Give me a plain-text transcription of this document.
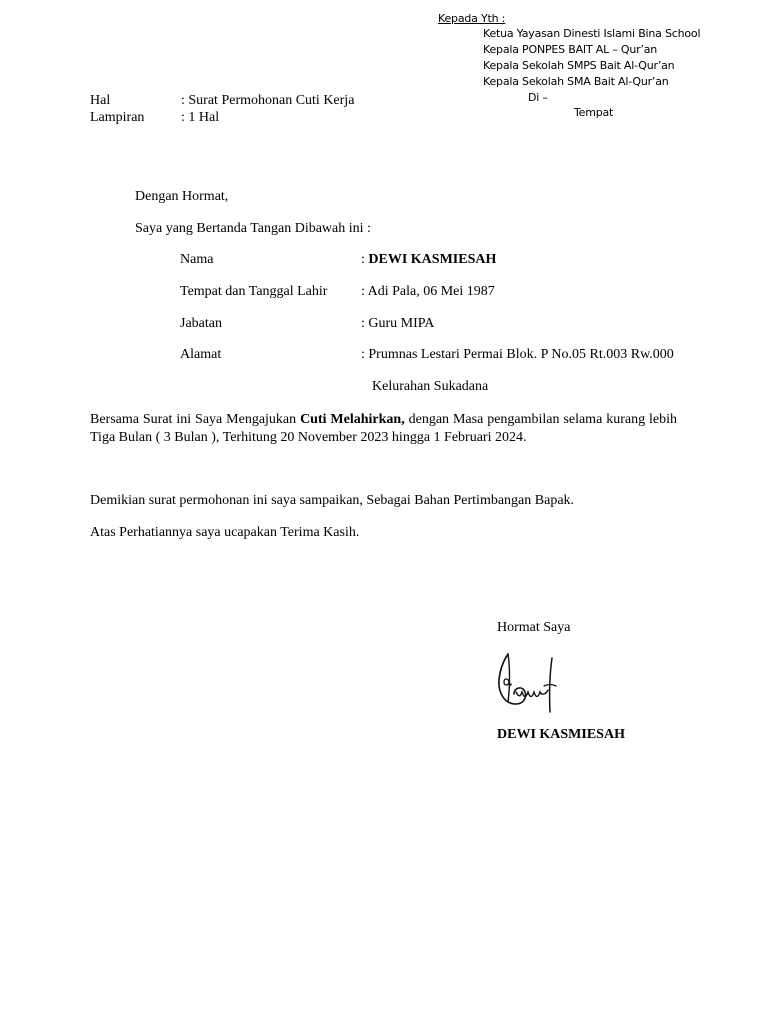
Kepada Yth :
Ketua Yayasan Dinesti Islami Bina School
Kepala PONPES BAIT AL – Qur’an
Kepala Sekolah SMPS Bait Al-Qur’an
Kepala Sekolah SMA Bait Al-Qur’an
Di –
Tempat
Hal	: Surat Permohonan Cuti Kerja
Lampiran	: 1 Hal
Dengan Hormat,
Saya yang Bertanda Tangan Dibawah ini :
Nama	: DEWI KASMIESAH
Tempat dan Tanggal Lahir : Adi Pala, 06 Mei 1987
Jabatan	: Guru MIPA
Alamat	: Prumnas Lestari Permai Blok. P No.05 Rt.003 Rw.000
Kelurahan Sukadana
Bersama Surat ini Saya Mengajukan Cuti Melahirkan, dengan Masa pengambilan selama kurang lebih Tiga Bulan ( 3 Bulan ), Terhitung 20 November 2023 hingga 1 Februari 2024.
Demikian surat permohonan ini saya sampaikan, Sebagai Bahan Pertimbangan Bapak.
Atas Perhatiannya saya ucapakan Terima Kasih.
Hormat Saya
DEWI KASMIESAH
